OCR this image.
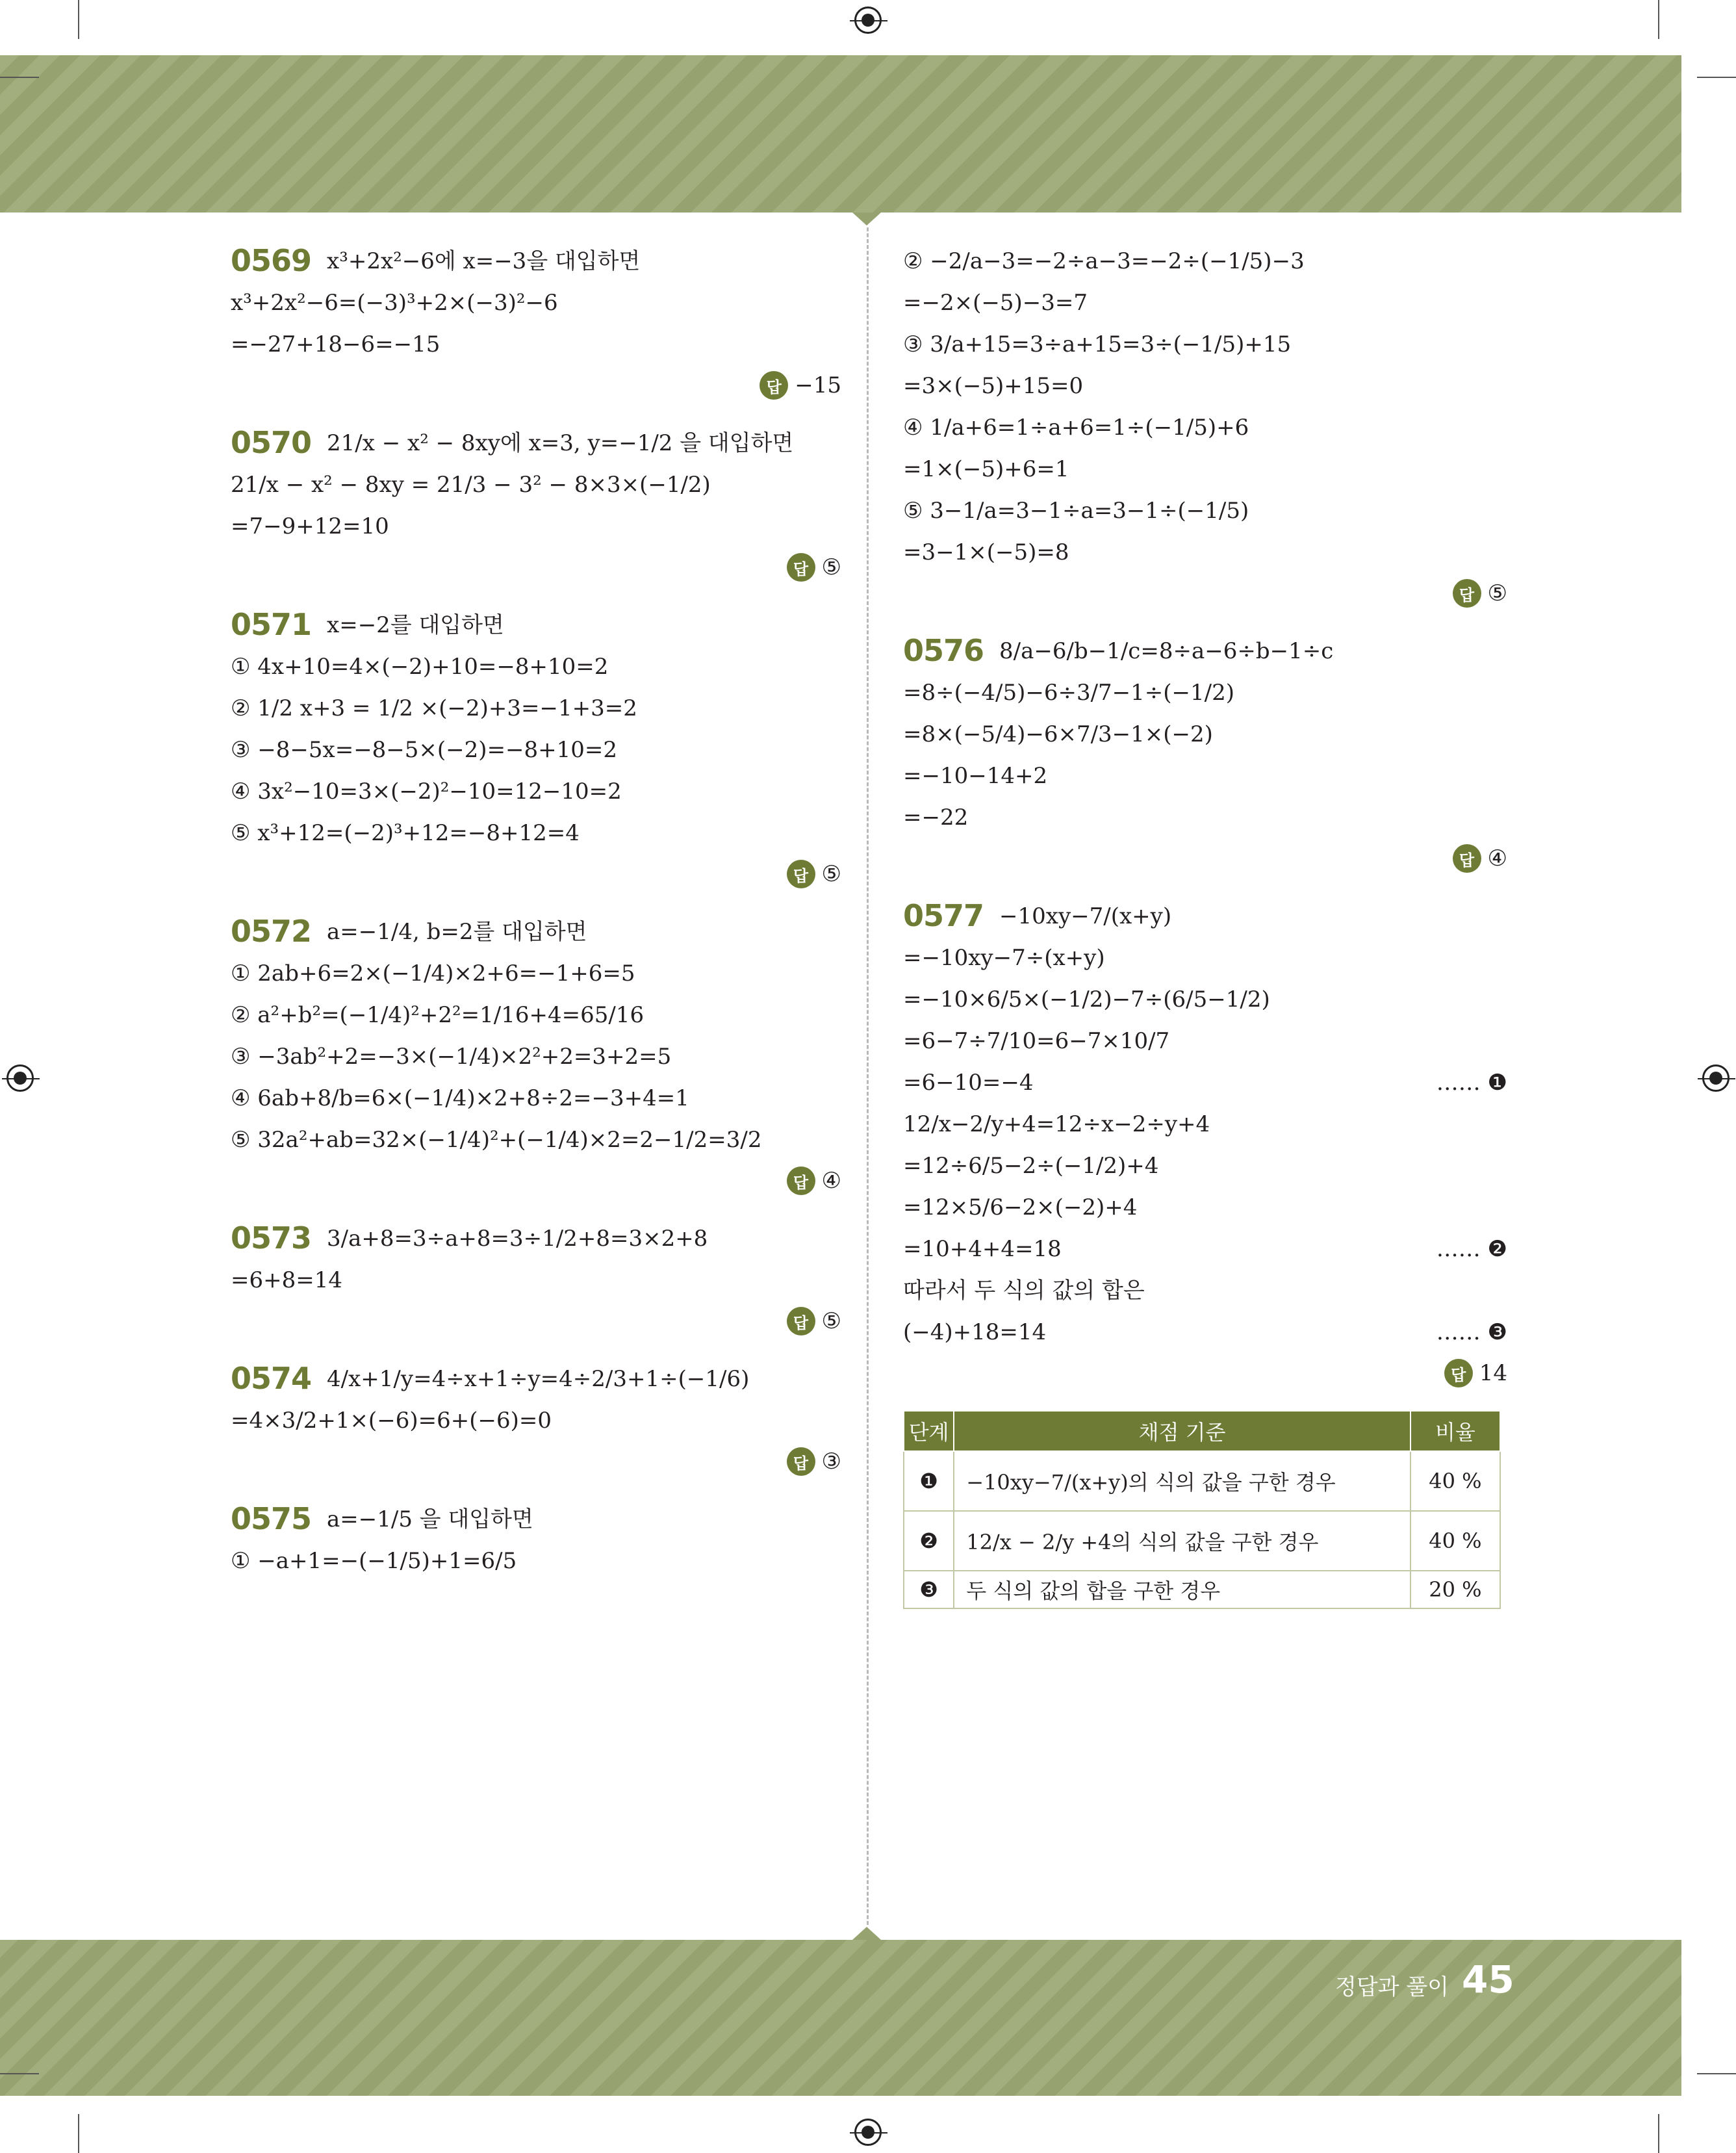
0569 x³+2x²−6에 x=−3을 대입하면
x³+2x²−6=(−3)³+2×(−3)²−6
=−27+18−6=−15
답 −15
0570 21/x − x² − 8xy에 x=3, y=−1/2 을 대입하면
21/x − x² − 8xy = 21/3 − 3² − 8×3×(−1/2)
=7−9+12=10
답 ⑤
0571 x=−2를 대입하면
① 4x+10=4×(−2)+10=−8+10=2
② 1/2 x+3 = 1/2 ×(−2)+3=−1+3=2
③ −8−5x=−8−5×(−2)=−8+10=2
④ 3x²−10=3×(−2)²−10=12−10=2
⑤ x³+12=(−2)³+12=−8+12=4
답 ⑤
0572 a=−1/4, b=2를 대입하면
① 2ab+6=2×(−1/4)×2+6=−1+6=5
② a²+b²=(−1/4)²+2²=1/16+4=65/16
③ −3ab²+2=−3×(−1/4)×2²+2=3+2=5
④ 6ab+8/b=6×(−1/4)×2+8÷2=−3+4=1
⑤ 32a²+ab=32×(−1/4)²+(−1/4)×2=2−1/2=3/2
답 ④
0573 3/a+8=3÷a+8=3÷1/2+8=3×2+8
=6+8=14
답 ⑤
0574 4/x+1/y=4÷x+1÷y=4÷2/3+1÷(−1/6)
=4×3/2+1×(−6)=6+(−6)=0
답 ③
0575 a=−1/5 을 대입하면
① −a+1=−(−1/5)+1=6/5
② −2/a−3=−2÷a−3=−2÷(−1/5)−3
=−2×(−5)−3=7
③ 3/a+15=3÷a+15=3÷(−1/5)+15
=3×(−5)+15=0
④ 1/a+6=1÷a+6=1÷(−1/5)+6
=1×(−5)+6=1
⑤ 3−1/a=3−1÷a=3−1÷(−1/5)
=3−1×(−5)=8
답 ⑤
0576 8/a−6/b−1/c=8÷a−6÷b−1÷c
=8÷(−4/5)−6÷3/7−1÷(−1/2)
=8×(−5/4)−6×7/3−1×(−2)
=−10−14+2
=−22
답 ④
0577 −10xy−7/(x+y)
=−10xy−7÷(x+y)
=−10×6/5×(−1/2)−7÷(6/5−1/2)
=6−7÷7/10=6−7×10/7
=6−10=−4	…… ❶
12/x−2/y+4=12÷x−2÷y+4
=12÷6/5−2÷(−1/2)+4
=12×5/6−2×(−2)+4
=10+4+4=18	…… ❷
따라서 두 식의 값의 합은
(−4)+18=14	…… ❸
답 14
단계	채점 기준	비율
❶	−10xy−7/(x+y)의 식의 값을 구한 경우	40 %
❷	12/x − 2/y +4의 식의 값을 구한 경우	40 %
❸	두 식의 값의 합을 구한 경우	20 %
정답과 풀이 45
